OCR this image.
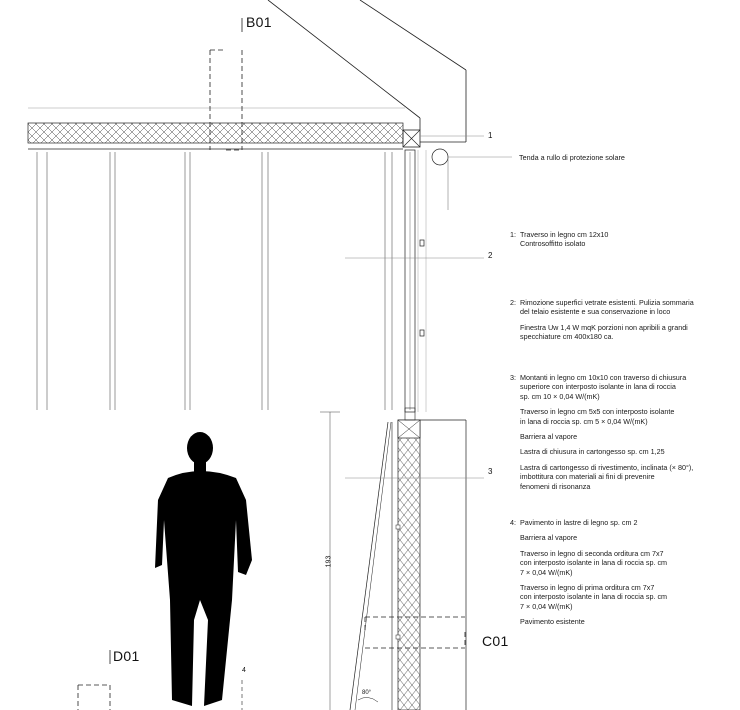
B01
D01
C01
1
2
3
4
193
80°
Tenda a rullo di protezione solare
1: Traverso in legno cm 12x10
Controsoffitto isolato

2: Rimozione superfici vetrate esistenti. Pulizia sommaria
del telaio esistente e sua conservazione in loco

Finestra Uw 1,4 W mqK porzioni non apribili a grandi
specchiature cm 400x180 ca.

3: Montanti in legno cm 10x10 con traverso di chiusura
superiore con interposto isolante in lana di roccia
sp. cm 10 × 0,04 W/(mK)

Traverso in legno cm 5x5 con interposto isolante
in lana di roccia sp. cm 5 × 0,04 W/(mK)

Barriera al vapore

Lastra di chiusura in cartongesso sp. cm 1,25

Lastra di cartongesso di rivestimento, inclinata (× 80°),
imbottitura con materiali ai fini di prevenire
fenomeni di risonanza

4: Pavimento in lastre di legno sp. cm 2

Barriera al vapore

Traverso in legno di seconda orditura cm 7x7
con interposto isolante in lana di roccia sp. cm
7 × 0,04 W/(mK)

Traverso in legno di prima orditura cm 7x7
con interposto isolante in lana di roccia sp. cm
7 × 0,04 W/(mK)

Pavimento esistente
